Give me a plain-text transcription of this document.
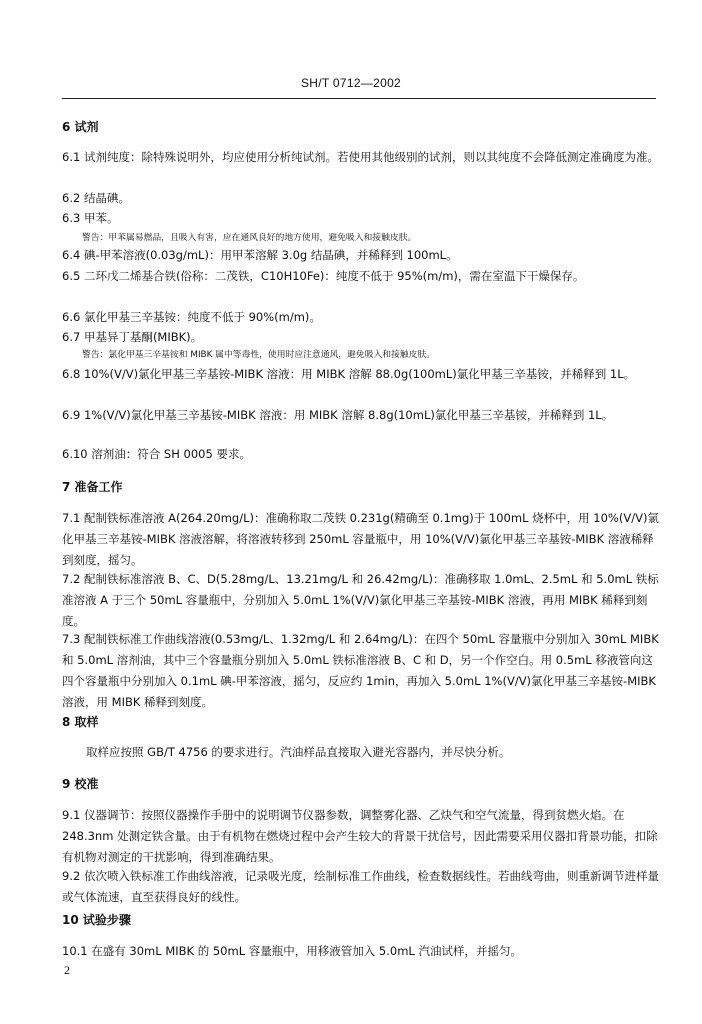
SH/T 0712—2002
6 试剂
6.1 试剂纯度：除特殊说明外，均应使用分析纯试剂。若使用其他级别的试剂，则以其纯度不会降低测定准确度为准。
6.2 结晶碘。
6.3 甲苯。
警告：甲苯属易燃品，且吸入有害，应在通风良好的地方使用，避免吸入和接触皮肤。
6.4 碘-甲苯溶液(0.03g/mL)：用甲苯溶解 3.0g 结晶碘，并稀释到 100mL。
6.5 二环戊二烯基合铁(俗称：二茂铁，C10H10Fe)：纯度不低于 95%(m/m)，需在室温下干燥保存。
6.6 氯化甲基三辛基铵：纯度不低于 90%(m/m)。
6.7 甲基异丁基酮(MIBK)。
警告：氯化甲基三辛基铵和 MIBK 属中等毒性，使用时应注意通风，避免吸入和接触皮肤。
6.8 10%(V/V)氯化甲基三辛基铵-MIBK 溶液：用 MIBK 溶解 88.0g(100mL)氯化甲基三辛基铵，并稀释到 1L。
6.9 1%(V/V)氯化甲基三辛基铵-MIBK 溶液：用 MIBK 溶解 8.8g(10mL)氯化甲基三辛基铵，并稀释到 1L。
6.10 溶剂油：符合 SH 0005 要求。
7 准备工作
7.1 配制铁标准溶液 A(264.20mg/L)：准确称取二茂铁 0.231g(精确至 0.1mg)于 100mL 烧杯中，用 10%(V/V)氯化甲基三辛基铵-MIBK 溶液溶解，将溶液转移到 250mL 容量瓶中，用 10%(V/V)氯化甲基三辛基铵-MIBK 溶液稀释到刻度，摇匀。
7.2 配制铁标准溶液 B、C、D(5.28mg/L、13.21mg/L 和 26.42mg/L)：准确移取 1.0mL、2.5mL 和 5.0mL 铁标准溶液 A 于三个 50mL 容量瓶中，分别加入 5.0mL 1%(V/V)氯化甲基三辛基铵-MIBK 溶液，再用 MIBK 稀释到刻度。
7.3 配制铁标准工作曲线溶液(0.53mg/L、1.32mg/L 和 2.64mg/L)：在四个 50mL 容量瓶中分别加入 30mL MIBK 和 5.0mL 溶剂油，其中三个容量瓶分别加入 5.0mL 铁标准溶液 B、C 和 D，另一个作空白。用 0.5mL 移液管向这四个容量瓶中分别加入 0.1mL 碘-甲苯溶液，摇匀，反应约 1min，再加入 5.0mL 1%(V/V)氯化甲基三辛基铵-MIBK 溶液，用 MIBK 稀释到刻度。
8 取样
取样应按照 GB/T 4756 的要求进行。汽油样品直接取入避光容器内，并尽快分析。
9 校准
9.1 仪器调节：按照仪器操作手册中的说明调节仪器参数，调整雾化器、乙炔气和空气流量，得到贫燃火焰。在 248.3nm 处测定铁含量。由于有机物在燃烧过程中会产生较大的背景干扰信号，因此需要采用仪器扣背景功能，扣除有机物对测定的干扰影响，得到准确结果。
9.2 依次喷入铁标准工作曲线溶液，记录吸光度，绘制标准工作曲线，检查数据线性。若曲线弯曲，则重新调节进样量或气体流速，直至获得良好的线性。
10 试验步骤
10.1 在盛有 30mL MIBK 的 50mL 容量瓶中，用移液管加入 5.0mL 汽油试样，并摇匀。
2
